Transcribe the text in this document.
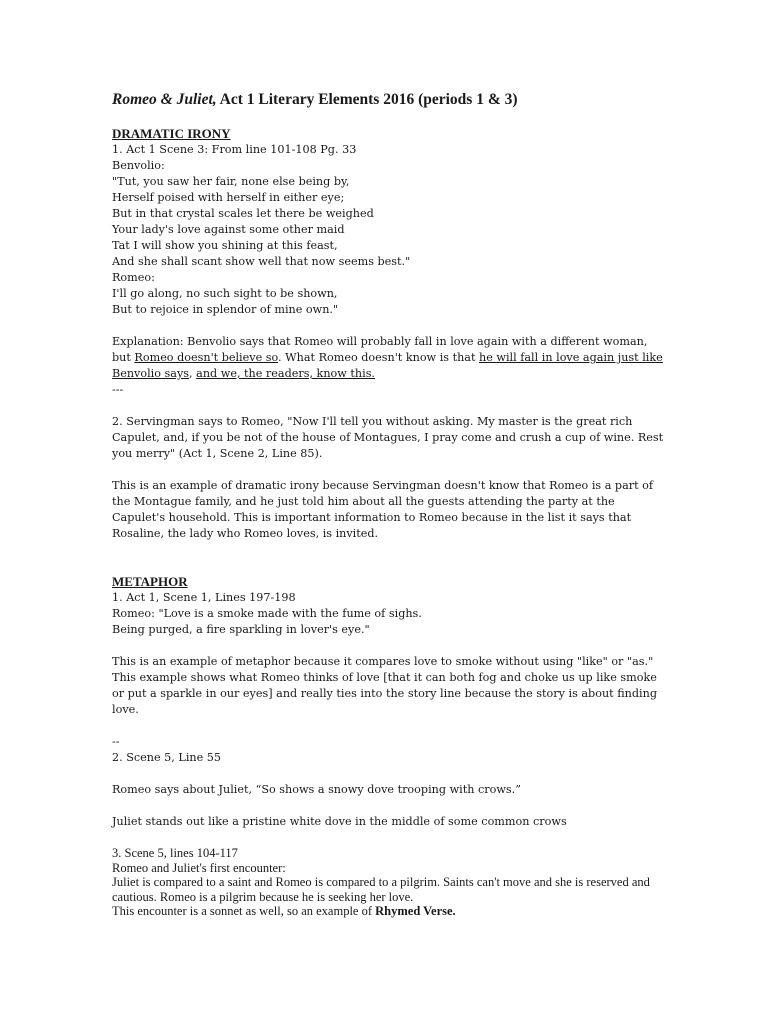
Romeo & Juliet, Act 1 Literary Elements 2016 (periods 1 & 3)
DRAMATIC IRONY
1. Act 1 Scene 3: From line 101-108 Pg. 33
Benvolio:
"Tut, you saw her fair, none else being by,
Herself poised with herself in either eye;
But in that crystal scales let there be weighed
Your lady's love against some other maid
Tat I will show you shining at this feast,
And she shall scant show well that now seems best."
Romeo:
I'll go along, no such sight to be shown,
But to rejoice in splendor of mine own."
Explanation: Benvolio says that Romeo will probably fall in love again with a different woman,
but Romeo doesn't believe so. What Romeo doesn't know is that he will fall in love again just like
Benvolio says, and we, the readers, know this.
---
2. Servingman says to Romeo, "Now I'll tell you without asking. My master is the great rich
Capulet, and, if you be not of the house of Montagues, I pray come and crush a cup of wine. Rest
you merry" (Act 1, Scene 2, Line 85).
This is an example of dramatic irony because Servingman doesn't know that Romeo is a part of
the Montague family, and he just told him about all the guests attending the party at the
Capulet's household. This is important information to Romeo because in the list it says that
Rosaline, the lady who Romeo loves, is invited.
METAPHOR
1. Act 1, Scene 1, Lines 197-198
Romeo: "Love is a smoke made with the fume of sighs.
Being purged, a fire sparkling in lover's eye."
This is an example of metaphor because it compares love to smoke without using "like" or "as."
This example shows what Romeo thinks of love [that it can both fog and choke us up like smoke
or put a sparkle in our eyes] and really ties into the story line because the story is about finding
love.
--
2. Scene 5, Line 55
Romeo says about Juliet, “So shows a snowy dove trooping with crows.”
Juliet stands out like a pristine white dove in the middle of some common crows
3. Scene 5, lines 104-117
Romeo and Juliet's first encounter:
Juliet is compared to a saint and Romeo is compared to a pilgrim. Saints can't move and she is reserved and
cautious. Romeo is a pilgrim because he is seeking her love.
This encounter is a sonnet as well, so an example of Rhymed Verse.
